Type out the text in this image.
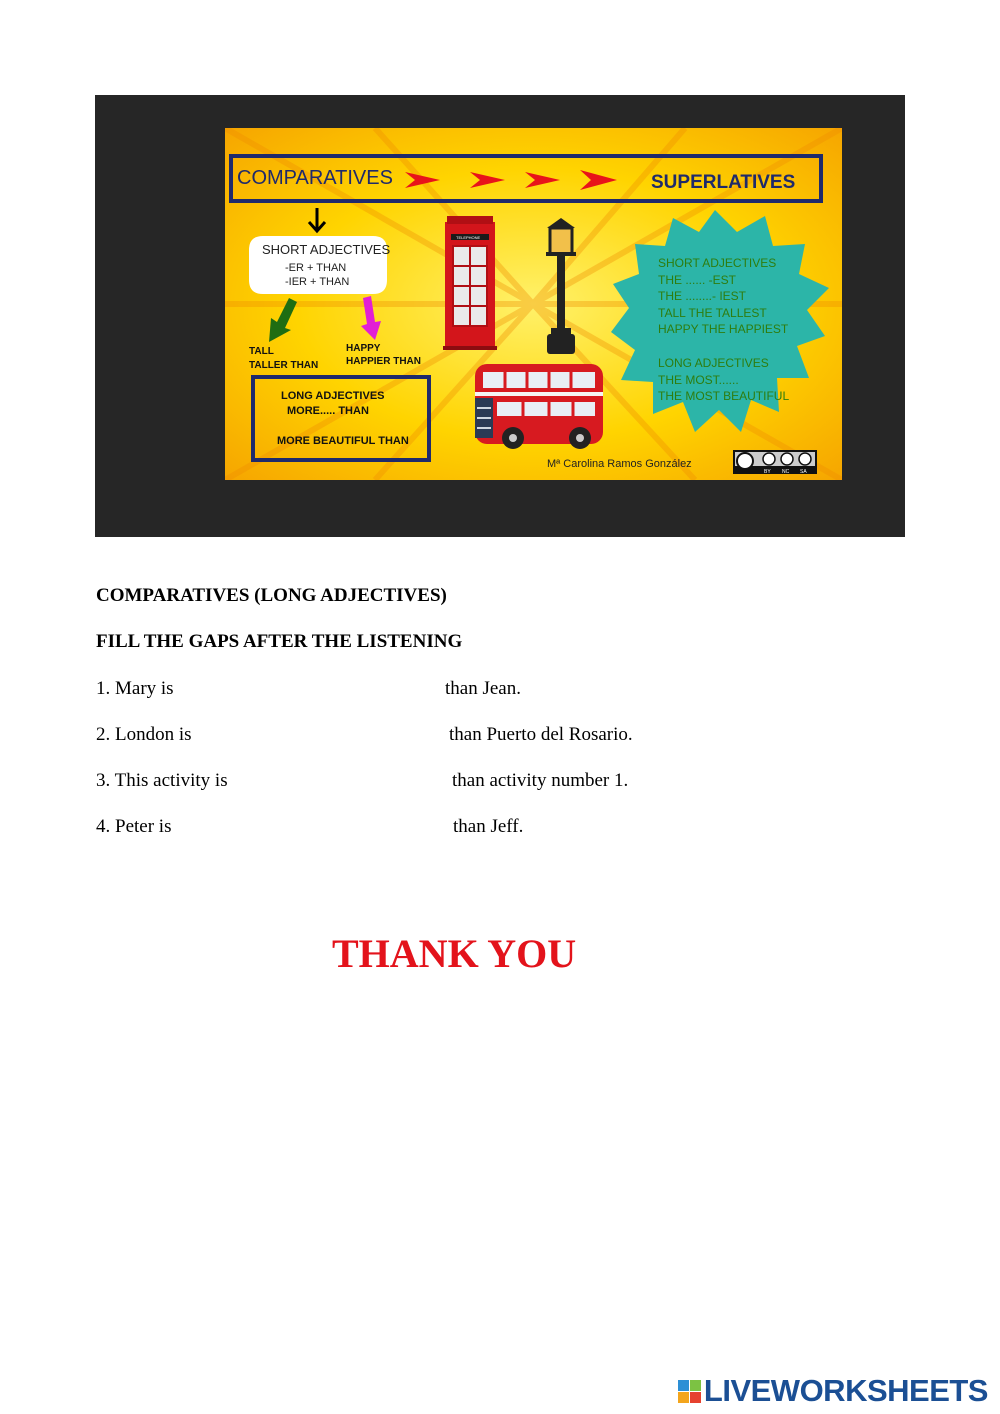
COMPARATIVES	SUPERLATIVES
SHORT ADJECTIVES
-ER + THAN
-IER + THAN
TALL
TALLER THAN
HAPPY
HAPPIER THAN
LONG ADJECTIVES
MORE..... THAN
MORE BEAUTIFUL THAN
TELEPHONE
SHORT ADJECTIVES
THE ...... -EST
THE ........- IEST
TALL THE TALLEST
HAPPY THE HAPPIEST
LONG ADJECTIVES
THE MOST......
THE MOST BEAUTIFUL
Mª Carolina Ramos González
BY NC SA
COMPARATIVES (LONG ADJECTIVES)
FILL THE GAPS AFTER THE LISTENING
1. Mary is	than Jean.
2. London is	than Puerto del Rosario.
3. This activity is	than activity number 1.
4. Peter is	than Jeff.
THANK YOU
LIVEWORKSHEETS
